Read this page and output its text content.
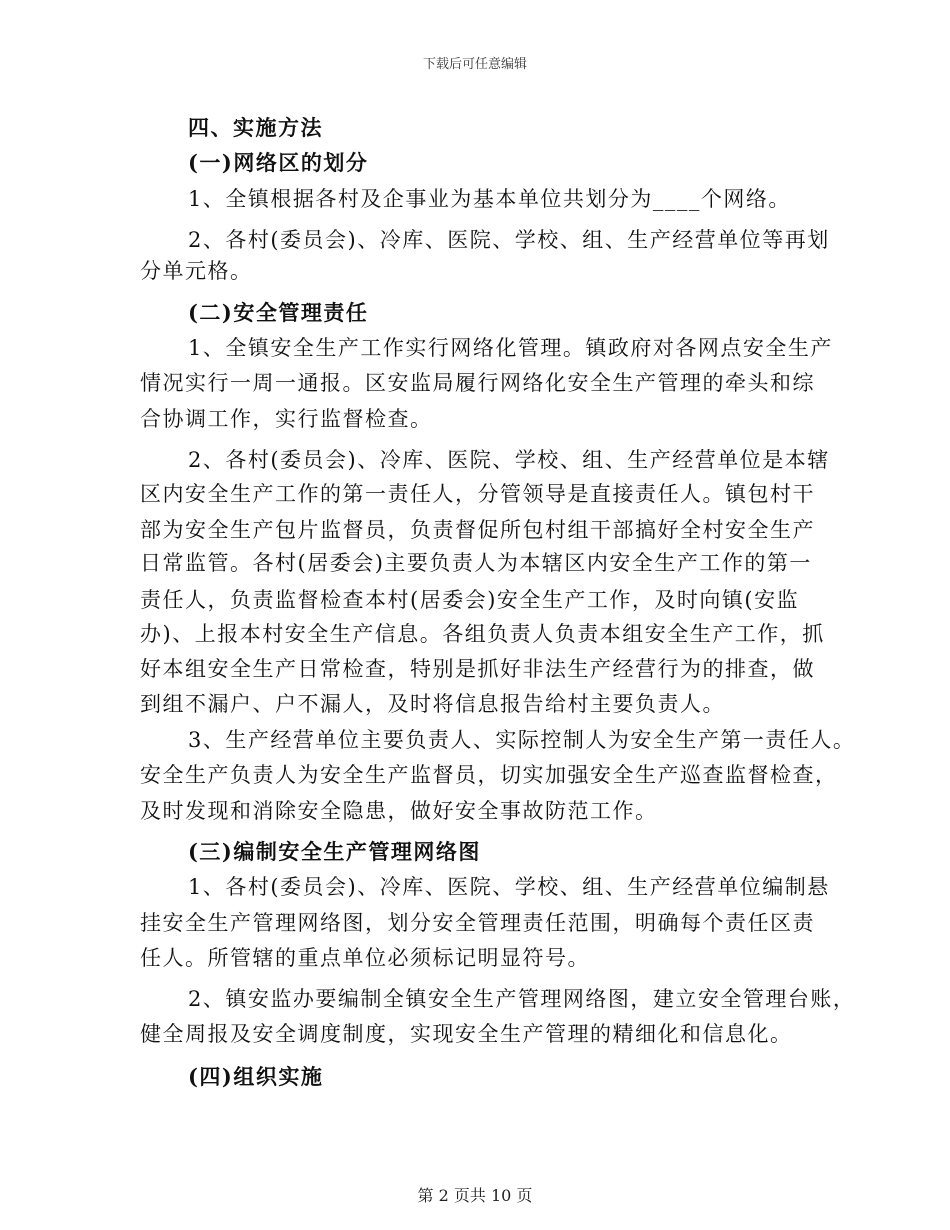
下载后可任意编辑
四、实施方法
(一)网络区的划分
1、全镇根据各村及企事业为基本单位共划分为____个网络。
2、各村(委员会)、冷库、医院、学校、组、生产经营单位等再划
分单元格。
(二)安全管理责任
1、全镇安全生产工作实行网络化管理。镇政府对各网点安全生产
情况实行一周一通报。区安监局履行网络化安全生产管理的牵头和综
合协调工作，实行监督检查。
2、各村(委员会)、冷库、医院、学校、组、生产经营单位是本辖
区内安全生产工作的第一责任人，分管领导是直接责任人。镇包村干
部为安全生产包片监督员，负责督促所包村组干部搞好全村安全生产
日常监管。各村(居委会)主要负责人为本辖区内安全生产工作的第一
责任人，负责监督检查本村(居委会)安全生产工作，及时向镇(安监
办)、上报本村安全生产信息。各组负责人负责本组安全生产工作，抓
好本组安全生产日常检查，特别是抓好非法生产经营行为的排查，做
到组不漏户、户不漏人，及时将信息报告给村主要负责人。
3、生产经营单位主要负责人、实际控制人为安全生产第一责任人。
安全生产负责人为安全生产监督员，切实加强安全生产巡查监督检查，
及时发现和消除安全隐患，做好安全事故防范工作。
(三)编制安全生产管理网络图
1、各村(委员会)、冷库、医院、学校、组、生产经营单位编制悬
挂安全生产管理网络图，划分安全管理责任范围，明确每个责任区责
任人。所管辖的重点单位必须标记明显符号。
2、镇安监办要编制全镇安全生产管理网络图，建立安全管理台账，
健全周报及安全调度制度，实现安全生产管理的精细化和信息化。
(四)组织实施
第 2 页共 10 页
